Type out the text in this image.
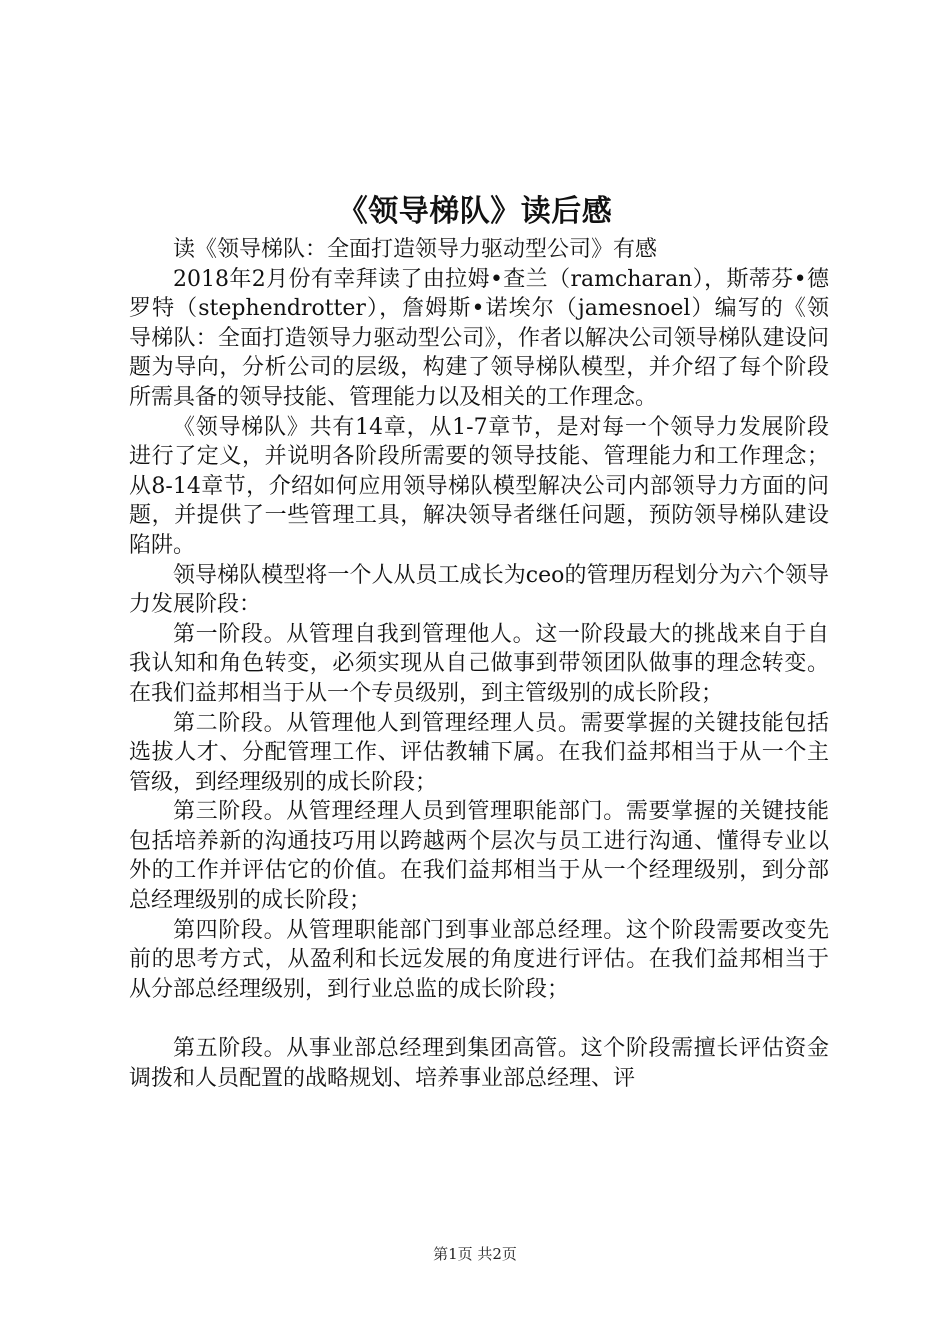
《领导梯队》读后感

读《领导梯队：全面打造领导力驱动型公司》有感

2018年2月份有幸拜读了由拉姆•查兰（ramcharan），斯蒂芬•德罗特（stephendrotter），詹姆斯•诺埃尔（jamesnoel）编写的《领导梯队：全面打造领导力驱动型公司》，作者以解决公司领导梯队建设问题为导向，分析公司的层级，构建了领导梯队模型，并介绍了每个阶段所需具备的领导技能、管理能力以及相关的工作理念。

《领导梯队》共有14章，从1-7章节，是对每一个领导力发展阶段进行了定义，并说明各阶段所需要的领导技能、管理能力和工作理念；从8-14章节，介绍如何应用领导梯队模型解决公司内部领导力方面的问题，并提供了一些管理工具，解决领导者继任问题，预防领导梯队建设陷阱。

领导梯队模型将一个人从员工成长为ceo的管理历程划分为六个领导力发展阶段：

第一阶段。从管理自我到管理他人。这一阶段最大的挑战来自于自我认知和角色转变，必须实现从自己做事到带领团队做事的理念转变。在我们益邦相当于从一个专员级别，到主管级别的成长阶段；

第二阶段。从管理他人到管理经理人员。需要掌握的关键技能包括选拔人才、分配管理工作、评估教辅下属。在我们益邦相当于从一个主管级，到经理级别的成长阶段；

第三阶段。从管理经理人员到管理职能部门。需要掌握的关键技能包括培养新的沟通技巧用以跨越两个层次与员工进行沟通、懂得专业以外的工作并评估它的价值。在我们益邦相当于从一个经理级别，到分部总经理级别的成长阶段；

第四阶段。从管理职能部门到事业部总经理。这个阶段需要改变先前的思考方式，从盈利和长远发展的角度进行评估。在我们益邦相当于从分部总经理级别，到行业总监的成长阶段；

第五阶段。从事业部总经理到集团高管。这个阶段需擅长评估资金调拨和人员配置的战略规划、培养事业部总经理、评

第1页 共2页
